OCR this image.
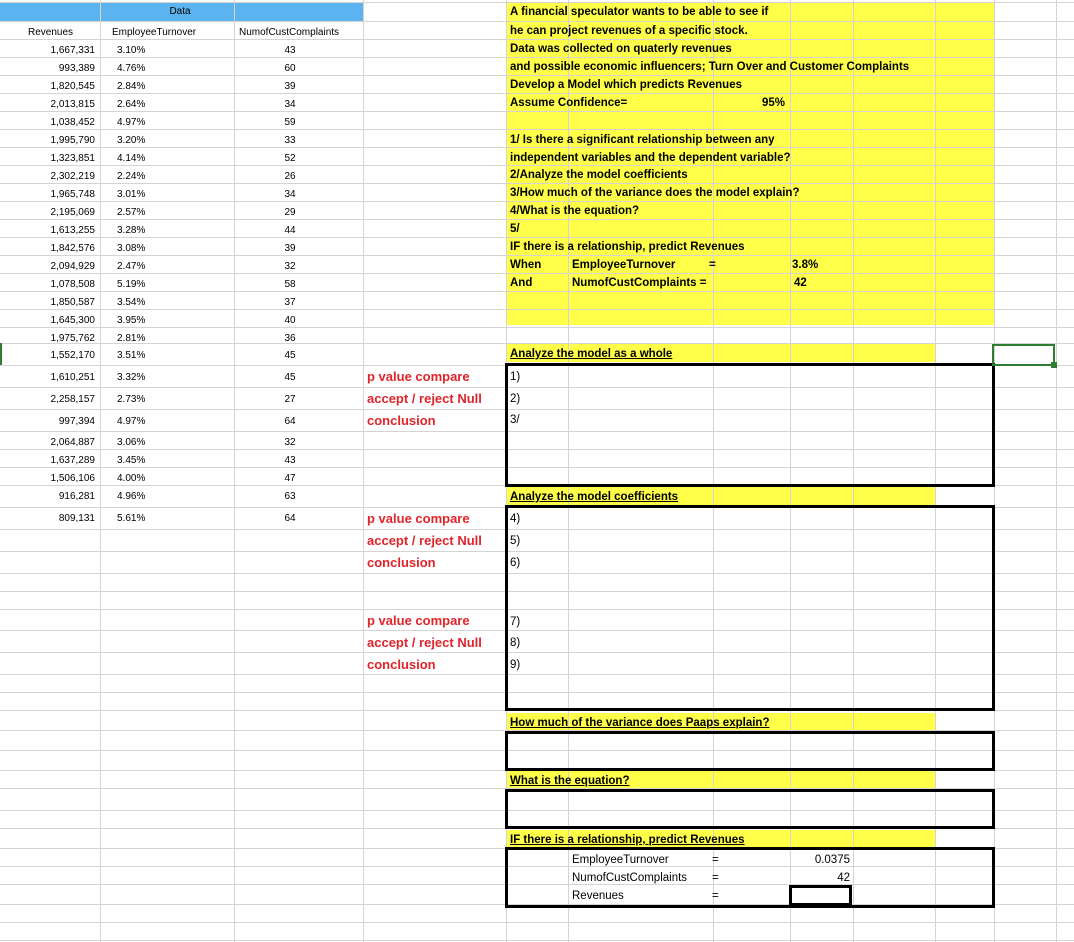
Data
Revenues	EmployeeTurnover	NumofCustComplaints
1,667,331 3.10%	43
993,389 4.76%	60
1,820,545 2.84%	39
2,013,815 2.64%	34
1,038,452 4.97%	59
1,995,790 3.20%	33
1,323,851 4.14%	52
2,302,219 2.24%	26
1,965,748 3.01%	34
2,195,069 2.57%	29
1,613,255 3.28%	44
1,842,576 3.08%	39
2,094,929 2.47%	32
1,078,508 5.19%	58
1,850,587 3.54%	37
1,645,300 3.95%	40
1,975,762 2.81%	36
1,552,170 3.51%	45
1,610,251 3.32%	45
2,258,157 2.73%	27
997,394 4.97%	64
2,064,887 3.06%	32
1,637,289 3.45%	43
1,506,106 4.00%	47
916,281 4.96%	63
809,131 5.61%	64
A financial speculator wants to be able to see if
he can project revenues of a specific stock.
Data was collected on quaterly revenues
and possible economic influencers; Turn Over and Customer Complaints
Develop a Model which predicts Revenues
Assume Confidence=	95%
1/ Is there a significant relationship between any
independent variables and the dependent variable?
2/Analyze the model coefficients
3/How much of the variance does the model explain?
4/What is the equation?
5/
IF there is a relationship, predict Revenues
When	EmployeeTurnover	=	3.8%
And	NumofCustComplaints =	42
Analyze the model as a whole
Analyze the model coefficients
How much of the variance does Paaps explain?
What is the equation?
IF there is a relationship, predict Revenues
1)
2)
3/
4)
5)
6)
7)
8)
9)
p value compare
accept / reject Null
conclusion
p value compare
accept / reject Null
conclusion
p value compare
accept / reject Null
conclusion
EmployeeTurnover	=	0.0375
NumofCustComplaints =	42
Revenues	=
